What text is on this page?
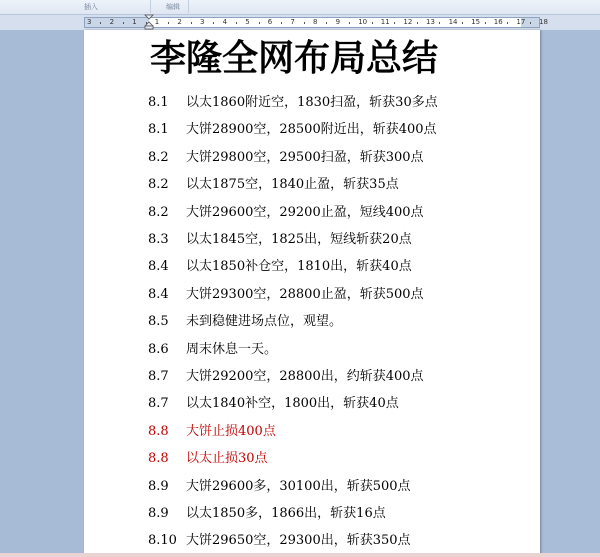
插入	编辑
3	2	1	1	2	3	4	5	6	7	8	9	10 11 12 13 14 15 16 17 18
李隆全网布局总结
8.1 以太1860附近空，1830扫盈，斩获30多点
8.1 大饼28900空，28500附近出，斩获400点
8.2 大饼29800空，29500扫盈，斩获300点
8.2 以太1875空，1840止盈，斩获35点
8.2 大饼29600空，29200止盈，短线400点
8.3 以太1845空，1825出，短线斩获20点
8.4 以太1850补仓空，1810出，斩获40点
8.4 大饼29300空，28800止盈，斩获500点
8.5 未到稳健进场点位，观望。
8.6 周末休息一天。
8.7 大饼29200空，28800出，约斩获400点
8.7 以太1840补空，1800出，斩获40点
8.8 大饼止损400点
8.8 以太止损30点
8.9 大饼29600多，30100出，斩获500点
8.9 以太1850多，1866出，斩获16点
8.10 大饼29650空，29300出，斩获350点
